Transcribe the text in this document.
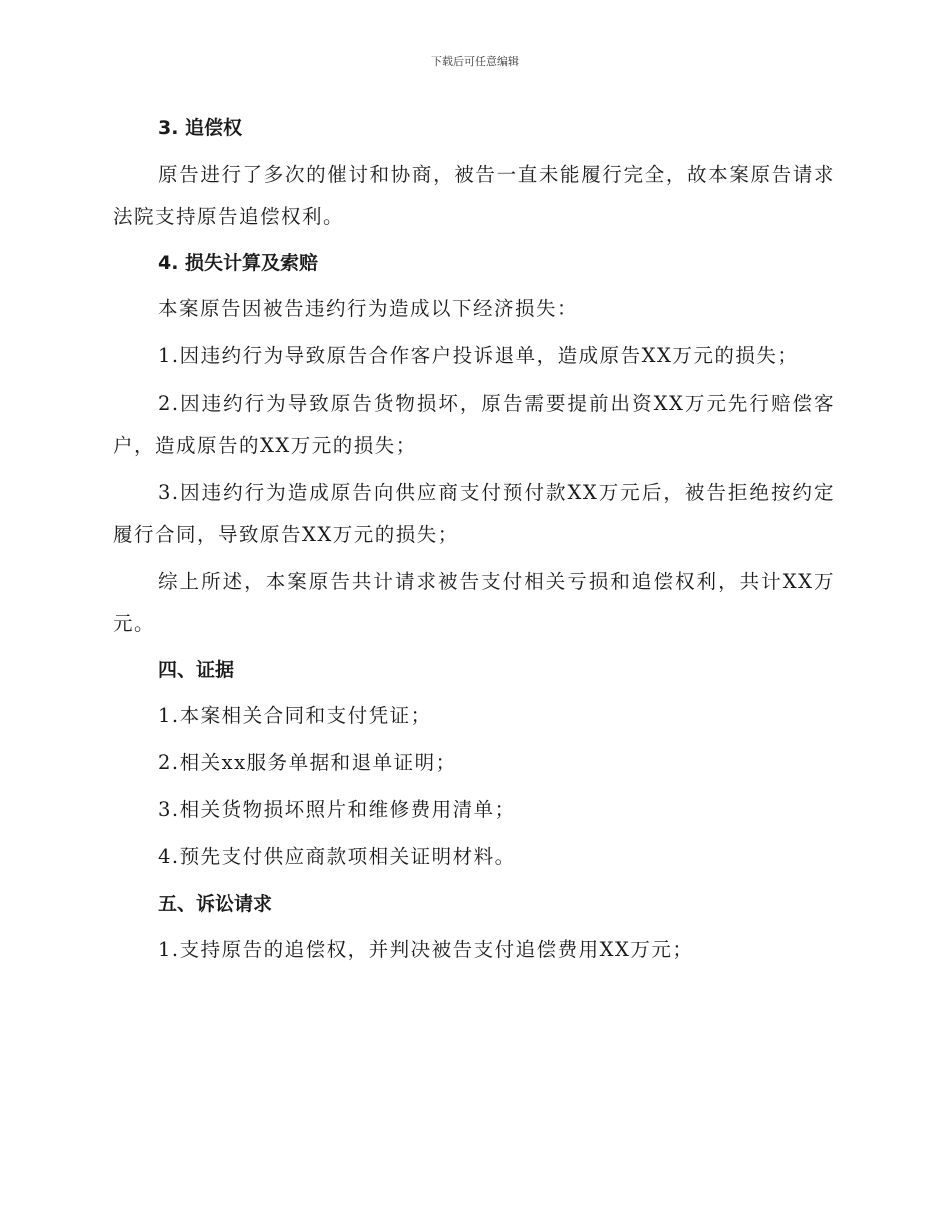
下载后可任意编辑
3. 追偿权

原告进行了多次的催讨和协商，被告一直未能履行完全，故本案原告请求法院支持原告追偿权利。

4. 损失计算及索赔
本案原告因被告违约行为造成以下经济损失：
1.因违约行为导致原告合作客户投诉退单，造成原告XX万元的损失；

2.因违约行为导致原告货物损坏，原告需要提前出资XX万元先行赔偿客户，造成原告的XX万元的损失；

3.因违约行为造成原告向供应商支付预付款XX万元后，被告拒绝按约定履行合同，导致原告XX万元的损失；

综上所述，本案原告共计请求被告支付相关亏损和追偿权利，共计XX万元。

四、证据
1.本案相关合同和支付凭证；
2.相关xx服务单据和退单证明；
3.相关货物损坏照片和维修费用清单；
4.预先支付供应商款项相关证明材料。
五、诉讼请求
1.支持原告的追偿权，并判决被告支付追偿费用XX万元；
